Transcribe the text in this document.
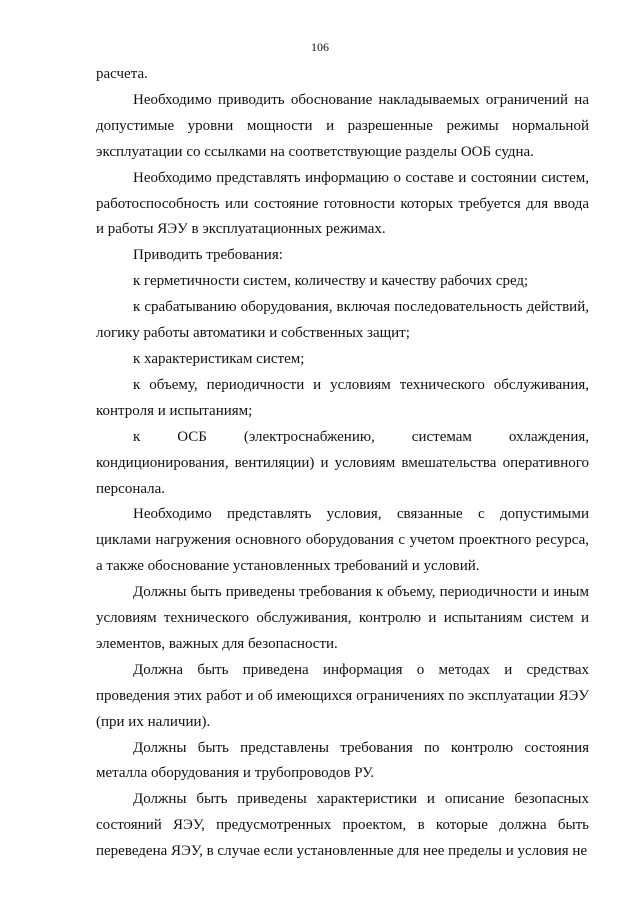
106

расчета.

Необходимо приводить обоснование накладываемых ограничений на допустимые уровни мощности и разрешенные режимы нормальной эксплуатации со ссылками на соответствующие разделы ООБ судна.

Необходимо представлять информацию о составе и состоянии систем, работоспособность или состояние готовности которых требуется для ввода и работы ЯЭУ в эксплуатационных режимах.

Приводить требования:

к герметичности систем, количеству и качеству рабочих сред;

к срабатыванию оборудования, включая последовательность действий, логику работы автоматики и собственных защит;

к характеристикам систем;

к объему, периодичности и условиям технического обслуживания, контроля и испытаниям;

к ОСБ (электроснабжению, системам охлаждения, кондиционирования, вентиляции) и условиям вмешательства оперативного персонала.

Необходимо представлять условия, связанные с допустимыми циклами нагружения основного оборудования с учетом проектного ресурса, а также обоснование установленных требований и условий.

Должны быть приведены требования к объему, периодичности и иным условиям технического обслуживания, контролю и испытаниям систем и элементов, важных для безопасности.

Должна быть приведена информация о методах и средствах проведения этих работ и об имеющихся ограничениях по эксплуатации ЯЭУ (при их наличии).

Должны быть представлены требования по контролю состояния металла оборудования и трубопроводов РУ.

Должны быть приведены характеристики и описание безопасных состояний ЯЭУ, предусмотренных проектом, в которые должна быть переведена ЯЭУ, в случае если установленные для нее пределы и условия не
